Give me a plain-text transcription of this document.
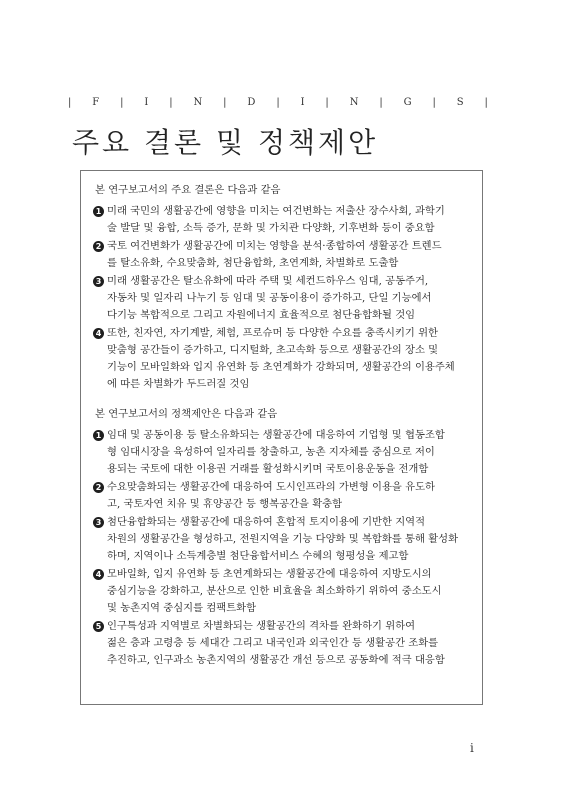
| F | I | N | D | I | N | G | S |
주요 결론 및 정책제안

본 연구보고서의 주요 결론은 다음과 같음

1 미래 국민의 생활공간에 영향을 미치는 여건변화는 저출산 장수사회, 과학기
술 발달 및 융합, 소득 증가, 문화 및 가치관 다양화, 기후변화 등이 중요함
2 국토 여건변화가 생활공간에 미치는 영향을 분석·종합하여 생활공간 트렌드
를 탈소유화, 수요맞춤화, 첨단융합화, 초연계화, 차별화로 도출함
3 미래 생활공간은 탈소유화에 따라 주택 및 세컨드하우스 임대, 공동주거,
자동차 및 일자리 나누기 등 임대 및 공동이용이 증가하고, 단일 기능에서
다기능 복합적으로 그리고 자원에너지 효율적으로 첨단융합화될 것임
4 또한, 친자연, 자기계발, 체험, 프로슈머 등 다양한 수요를 충족시키기 위한
맞춤형 공간들이 증가하고, 디지털화, 초고속화 등으로 생활공간의 장소 및
기능이 모바일화와 입지 유연화 등 초연계화가 강화되며, 생활공간의 이용주체
에 따른 차별화가 두드러질 것임

본 연구보고서의 정책제안은 다음과 같음

1 임대 및 공동이용 등 탈소유화되는 생활공간에 대응하여 기업형 및 협동조합
형 임대시장을 육성하여 일자리를 창출하고, 농촌 지자체를 중심으로 저이
용되는 국토에 대한 이용권 거래를 활성화시키며 국토이용운동을 전개함
2 수요맞춤화되는 생활공간에 대응하여 도시인프라의 가변형 이용을 유도하
고, 국토자연 치유 및 휴양공간 등 행복공간을 확충함
3 첨단융합화되는 생활공간에 대응하여 혼합적 토지이용에 기반한 지역적
차원의 생활공간을 형성하고, 전원지역을 기능 다양화 및 복합화를 통해 활성화
하며, 지역이나 소득계층별 첨단융합서비스 수혜의 형평성을 제고함
4 모바일화, 입지 유연화 등 초연계화되는 생활공간에 대응하여 지방도시의
중심기능을 강화하고, 분산으로 인한 비효율을 최소화하기 위하여 중소도시
및 농촌지역 중심지를 컴팩트화함
5 인구특성과 지역별로 차별화되는 생활공간의 격차를 완화하기 위하여
젊은 층과 고령층 등 세대간 그리고 내국인과 외국인간 등 생활공간 조화를
추진하고, 인구과소 농촌지역의 생활공간 개선 등으로 공동화에 적극 대응함
i
